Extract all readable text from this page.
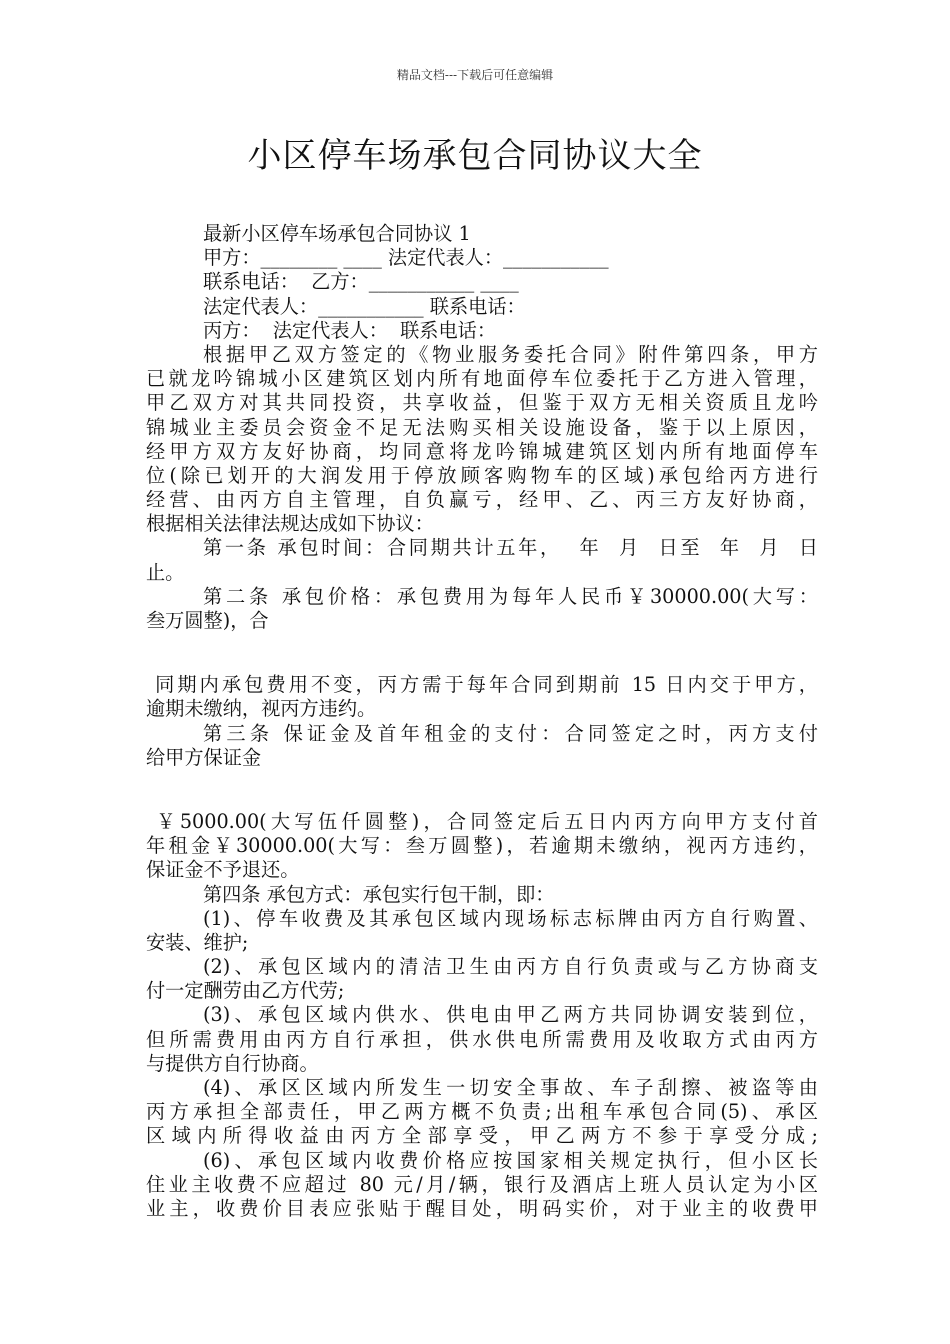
精品文档---下载后可任意编辑
小区停车场承包合同协议大全
最新小区停车场承包合同协议 1
甲方：________ ____ 法定代表人：___________
联系电话：  乙方：___________ ____
法定代表人：___________ 联系电话：
丙方：  法定代表人：  联系电话：
根据甲乙双方签定的《物业服务委托合同》附件第四条，甲方
已就龙吟锦城小区建筑区划内所有地面停车位委托于乙方进入管理，
甲乙双方对其共同投资，共享收益，但鉴于双方无相关资质且龙吟
锦城业主委员会资金不足无法购买相关设施设备，鉴于以上原因，
经甲方双方友好协商，均同意将龙吟锦城建筑区划内所有地面停车
位(除已划开的大润发用于停放顾客购物车的区域)承包给丙方进行
经营、由丙方自主管理，自负赢亏，经甲、乙、丙三方友好协商，
根据相关法律法规达成如下协议：
第一条 承包时间：合同期共计五年，  年  月  日至  年  月  日
止。
第二条 承包价格：承包费用为每年人民币￥30000.00(大写：
叁万圆整)，合
同期内承包费用不变，丙方需于每年合同到期前 15 日内交于甲方，
逾期未缴纳，视丙方违约。
第三条 保证金及首年租金的支付：合同签定之时，丙方支付
给甲方保证金
￥5000.00(大写伍仟圆整)，合同签定后五日内丙方向甲方支付首
年租金￥30000.00(大写：叁万圆整)，若逾期未缴纳，视丙方违约，
保证金不予退还。
第四条 承包方式：承包实行包干制，即：
(1)、停车收费及其承包区域内现场标志标牌由丙方自行购置、
安装、维护;
(2)、承包区域内的清洁卫生由丙方自行负责或与乙方协商支
付一定酬劳由乙方代劳;
(3)、承包区域内供水、供电由甲乙两方共同协调安装到位，
但所需费用由丙方自行承担，供水供电所需费用及收取方式由丙方
与提供方自行协商。
(4)、承区区域内所发生一切安全事故、车子刮擦、被盗等由
丙方承担全部责任，甲乙两方概不负责;出租车承包合同(5)、承区
区域内所得收益由丙方全部享受，甲乙两方不参于享受分成;
(6)、承包区域内收费价格应按国家相关规定执行，但小区长
住业主收费不应超过 80 元/月/辆，银行及酒店上班人员认定为小区
业主，收费价目表应张贴于醒目处，明码实价，对于业主的收费甲
